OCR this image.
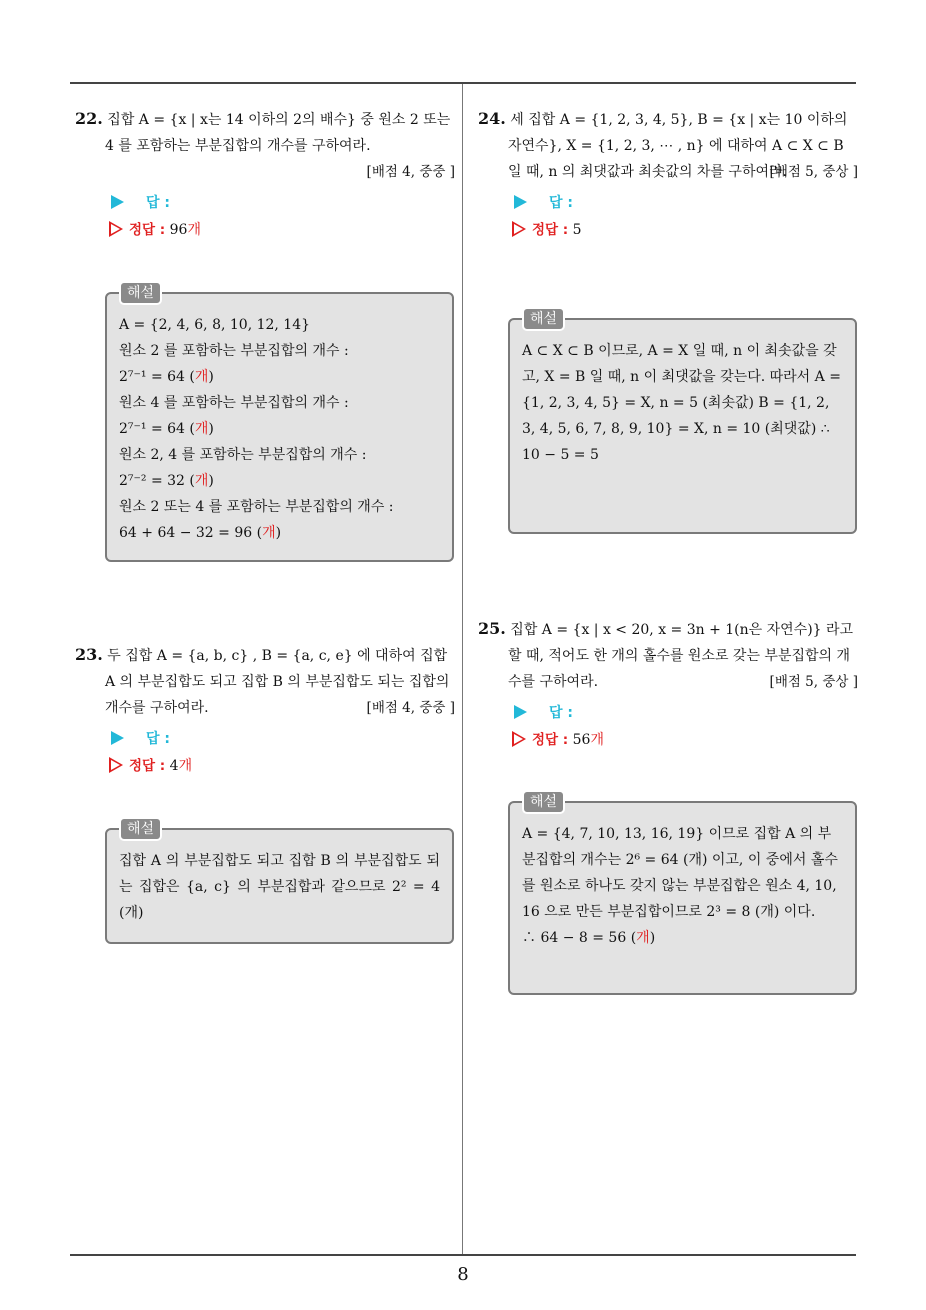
8
22. 집합 A = {x | x는 14 이하의 2의 배수} 중 원소 2 또는 4 를 포함하는 부분집합의 개수를 구하여라.
[배점 4, 중중 ]
답 :
정답 : 96개
해설
A = {2, 4, 6, 8, 10, 12, 14}
원소 2 를 포함하는 부분집합의 개수 :
2⁷⁻¹ = 64 (개)
원소 4 를 포함하는 부분집합의 개수 :
2⁷⁻¹ = 64 (개)
원소 2, 4 를 포함하는 부분집합의 개수 :
2⁷⁻² = 32 (개)
원소 2 또는 4 를 포함하는 부분집합의 개수 :
64 + 64 − 32 = 96 (개)
23. 두 집합 A = {a, b, c} , B = {a, c, e} 에 대하여 집합 A 의 부분집합도 되고 집합 B 의 부분집합도 되는 집합의 개수를 구하여라.	[배점 4, 중중 ]
답 :
정답 : 4개
해설
집합 A 의 부분집합도 되고 집합 B 의 부분집합도 되는 집합은 {a, c} 의 부분집합과 같으므로 2² = 4 (개)
24. 세 집합 A = {1, 2, 3, 4, 5}, B = {x | x는 10 이하의 자연수}, X = {1, 2, 3, ⋯ , n} 에 대하여 A ⊂ X ⊂ B 일 때, n 의 최댓값과 최솟값의 차를 구하여라.
[배점 5, 중상 ]
답 :
정답 : 5
해설
A ⊂ X ⊂ B 이므로, A = X 일 때, n 이 최솟값을 갖고, X = B 일 때, n 이 최댓값을 갖는다. 따라서 A = {1, 2, 3, 4, 5} = X, n = 5 (최솟값) B = {1, 2, 3, 4, 5, 6, 7, 8, 9, 10} = X, n = 10 (최댓값) ∴ 10 − 5 = 5
25. 집합 A = {x | x < 20, x = 3n + 1(n은 자연수)} 라고 할 때, 적어도 한 개의 홀수를 원소로 갖는 부분집합의 개수를 구하여라.	[배점 5, 중상 ]
답 :
정답 : 56개
해설
A = {4, 7, 10, 13, 16, 19} 이므로 집합 A 의 부분집합의 개수는 2⁶ = 64 (개) 이고, 이 중에서 홀수를 원소로 하나도 갖지 않는 부분집합은 원소 4, 10, 16 으로 만든 부분집합이므로 2³ = 8 (개) 이다.
∴ 64 − 8 = 56 (개)
